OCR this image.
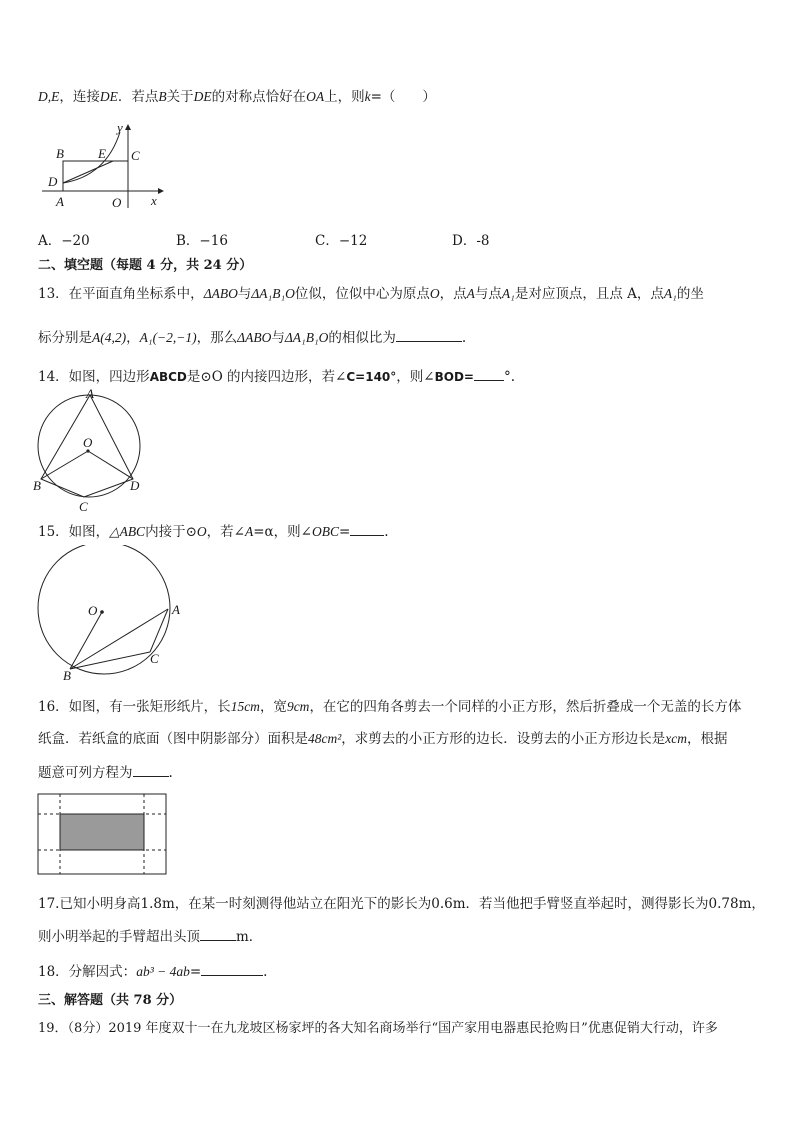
D,E，连接DE．若点B关于DE的对称点恰好在OA上，则k=（　　）
y
B	E C
D
A	O x
A．−20	B．−16	C．−12	D．-8
二、填空题（每题 4 分，共 24 分）
13．在平面直角坐标系中，ΔABO与ΔA₁B₁O位似，位似中心为原点O，点A与点A₁是对应顶点，且点 A，点A₁的坐
标分别是A(4,2)，A₁(−2,−1)，那么ΔABO与ΔA₁B₁O的相似比为	.
14．如图，四边形ABCD是⊙O 的内接四边形，若∠C=140°，则∠BOD= °.
A
O
B
C
D
15．如图，△ABC内接于⊙O，若∠A=α，则∠OBC=	.
O	A
B
C
16．如图，有一张矩形纸片，长15cm，宽9cm，在它的四角各剪去一个同样的小正方形，然后折叠成一个无盖的长方体
纸盒．若纸盒的底面（图中阴影部分）面积是48cm²，求剪去的小正方形的边长．设剪去的小正方形边长是xcm，根据
题意可列方程为	.
17.已知小明身高1.8m，在某一时刻测得他站立在阳光下的影长为0.6m．若当他把手臂竖直举起时，测得影长为0.78m，
则小明举起的手臂超出头顶	m．
18．分解因式：ab³ − 4ab=	.
三、解答题（共 78 分）
19．（8分）2019 年度双十一在九龙坡区杨家坪的各大知名商场举行“国产家用电器惠民抢购日”优惠促销大行动，许多
